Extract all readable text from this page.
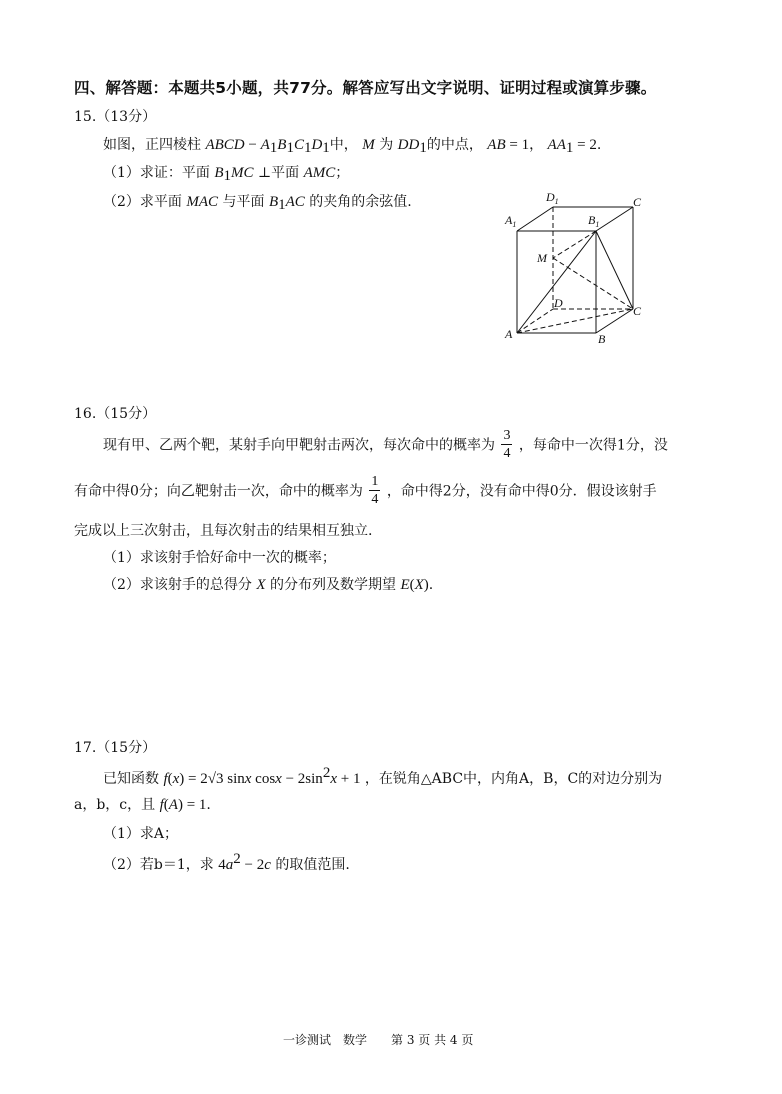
四、解答题：本题共5小题，共77分。解答应写出文字说明、证明过程或演算步骤。
15.（13分）
如图，正四棱柱 ABCD − $A_1B_1C_1D_1$中， M 为 $DD_1$的中点， AB = 1， $AA_1 = 2$.
（1）求证：平面 $B_1MC$ ⊥平面 AMC；
（2）求平面 MAC 与平面 $B_1AC$ 的夹角的余弦值.
$A_1$
$D_1$
$B_1$
C
M
D
C
A	B
16.（15分）
现有甲、乙两个靶，某射手向甲靶射击两次，每次命中的概率为 $\frac{3}{4}$ ，每命中一次得1分，没
有命中得0分；向乙靶射击一次，命中的概率为 $\frac{1}{4}$ ，命中得2分，没有命中得0分．假设该射手
完成以上三次射击，且每次射击的结果相互独立.
（1）求该射手恰好命中一次的概率；
（2）求该射手的总得分 X 的分布列及数学期望 E(X).
17.（15分）
已知函数 f(x) = 2√3 sinx $\cos x - 2\sin^2x + 1$ ，在锐角△ABC中，内角A，B，C的对边分别为
a，b，c，且 f(A) = 1.
（1）求A；
（2）若b＝1，求 $4a^2 - 2c$ 的取值范围.
一诊测试　数学　　第 3 页 共 4 页
